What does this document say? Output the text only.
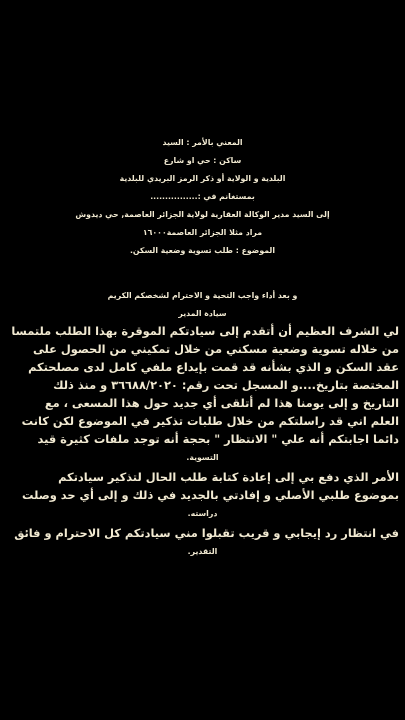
المعني بالأمر : السيد
ساكن : حي او شارع
البلدية و الولاية أو ذكر الرمز البريدي للبلدية
بمستغانم في :................
إلى السيد مدير الوكالة العقارية لولاية الجزائر العاصمة, حي ديدوش
مراد مثلا الجزائر العاصمة١٦٠٠٠
الموضوع : طلب تسوية وضعية السكن.
و بعد أداء واجب التحية و الاحترام لشخصكم الكريم
سيادة المدير
لي الشرف العظيم أن أتقدم إلى سيادتكم الموقرة بهذا الطلب ملتمسا
من خلاله تسوية وضعية مسكني من خلال تمكيني من الحصول على
عقد السكن و الذي بشأنه قد قمت بإيداع ملفي كامل لدى مصلحتكم
المختصة بتاريخ....و المسجل تحت رقم: ٣٦٦٨٨/٢٠٢٠ و منذ ذلك
التاريخ و إلى يومنا هذا لم أتلقى أي جديد حول هذا المسعى ، مع
العلم اني قد راسلتكم من خلال طلبات تذكير في الموضوع لكن كانت
دائما اجابتكم أنه علي " الانتظار " بحجة أنه توجد ملفات كثيرة قيد
التسوية.
الأمر الذي دفع بي إلى إعادة كتابة طلب الحال لتذكير سيادتكم
بموضوع طلبي الأصلي و إفادتي بالجديد في ذلك و إلى أي حد وصلت
دراسته.
في انتظار رد إيجابي و قريب تقبلوا مني سيادتكم كل الاحترام و فائق
التقدير.
